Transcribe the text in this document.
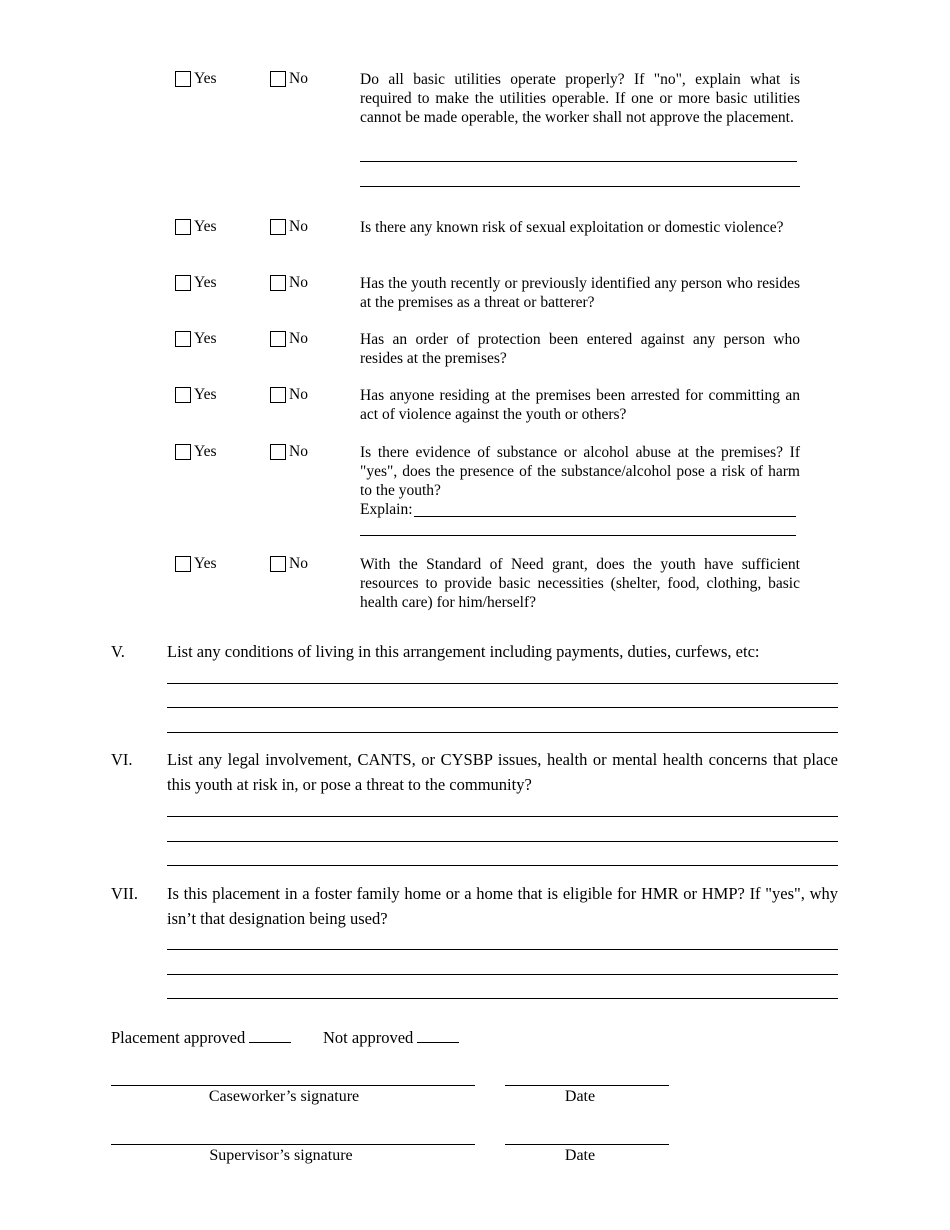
Yes	No	Do all basic utilities operate properly? If "no", explain what is required to make the utilities operable. If one or more basic utilities cannot be made operable, the worker shall not approve the placement.
Yes	No	Is there any known risk of sexual exploitation or domestic violence?
Yes	No	Has the youth recently or previously identified any person who resides at the premises as a threat or batterer?
Yes	No	Has an order of protection been entered against any person who resides at the premises?
Yes	No	Has anyone residing at the premises been arrested for committing an act of violence against the youth or others?
Yes	No	Is there evidence of substance or alcohol abuse at the premises? If "yes", does the presence of the substance/alcohol pose a risk of harm to the youth?
Explain:
Yes	No	With the Standard of Need grant, does the youth have sufficient resources to provide basic necessities (shelter, food, clothing, basic health care) for him/herself?
V.	List any conditions of living in this arrangement including payments, duties, curfews, etc:
VI. List any legal involvement, CANTS, or CYSBP issues, health or mental health concerns that place this youth at risk in, or pose a threat to the community?
VII. Is this placement in a foster family home or a home that is eligible for HMR or HMP? If "yes", why isn’t that designation being used?
Placement approved	Not approved
Caseworker’s signature	Date
Supervisor’s signature	Date
